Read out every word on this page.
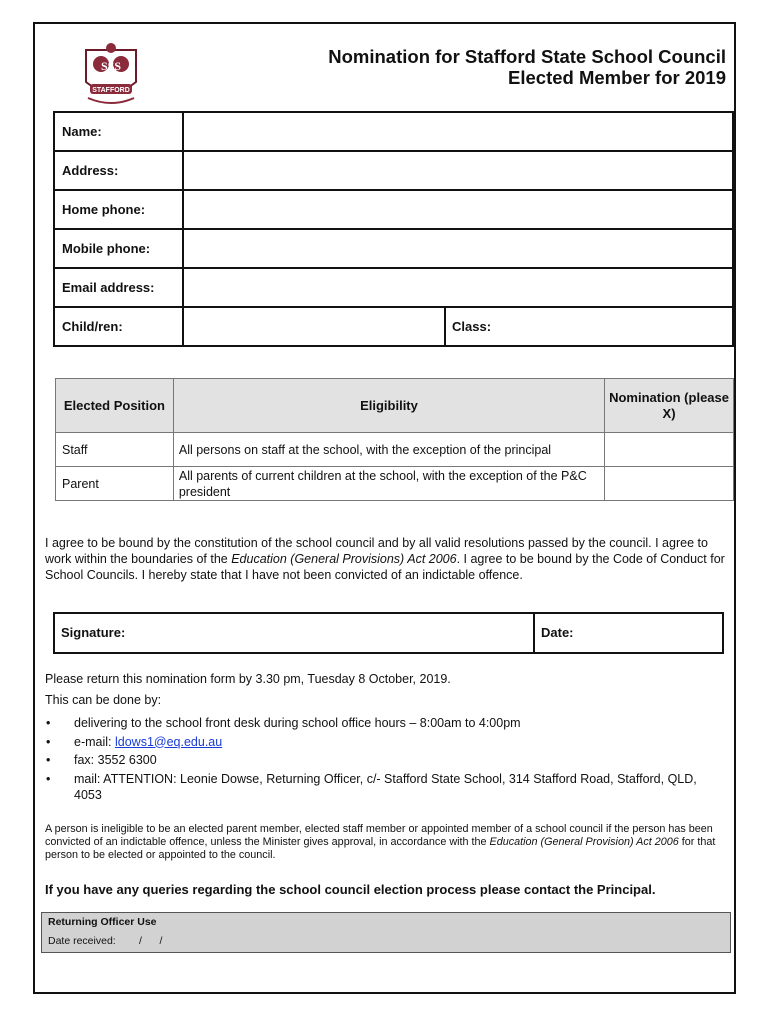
SSS
STAFFORD
Nomination for Stafford State School Council
Elected Member for 2019
Name:
Address:
Home phone:
Mobile phone:
Email address:
Child/ren:	Class:
Elected Position	Eligibility	Nomination (please X)
Staff	All persons on staff at the school, with the exception of the principal	
Parent	All parents of current children at the school, with the exception of the P&C president	
I agree to be bound by the constitution of the school council and by all valid resolutions passed by the council. I agree to work within the boundaries of the Education (General Provisions) Act 2006. I agree to be bound by the Code of Conduct for School Councils. I hereby state that I have not been convicted of an indictable offence.
Signature:	Date:
Please return this nomination form by 3.30 pm, Tuesday 8 October, 2019.
This can be done by:
• delivering to the school front desk during school office hours – 8:00am to 4:00pm
• e-mail: ldows1@eq.edu.au
• fax: 3552 6300
• mail: ATTENTION: Leonie Dowse, Returning Officer, c/- Stafford State School, 314 Stafford Road, Stafford, QLD, 4053
A person is ineligible to be an elected parent member, elected staff member or appointed member of a school council if the person has been convicted of an indictable offence, unless the Minister gives approval, in accordance with the Education (General Provision) Act 2006 for that person to be elected or appointed to the council.
If you have any queries regarding the school council election process please contact the Principal.
Returning Officer Use
Date received: /      /
